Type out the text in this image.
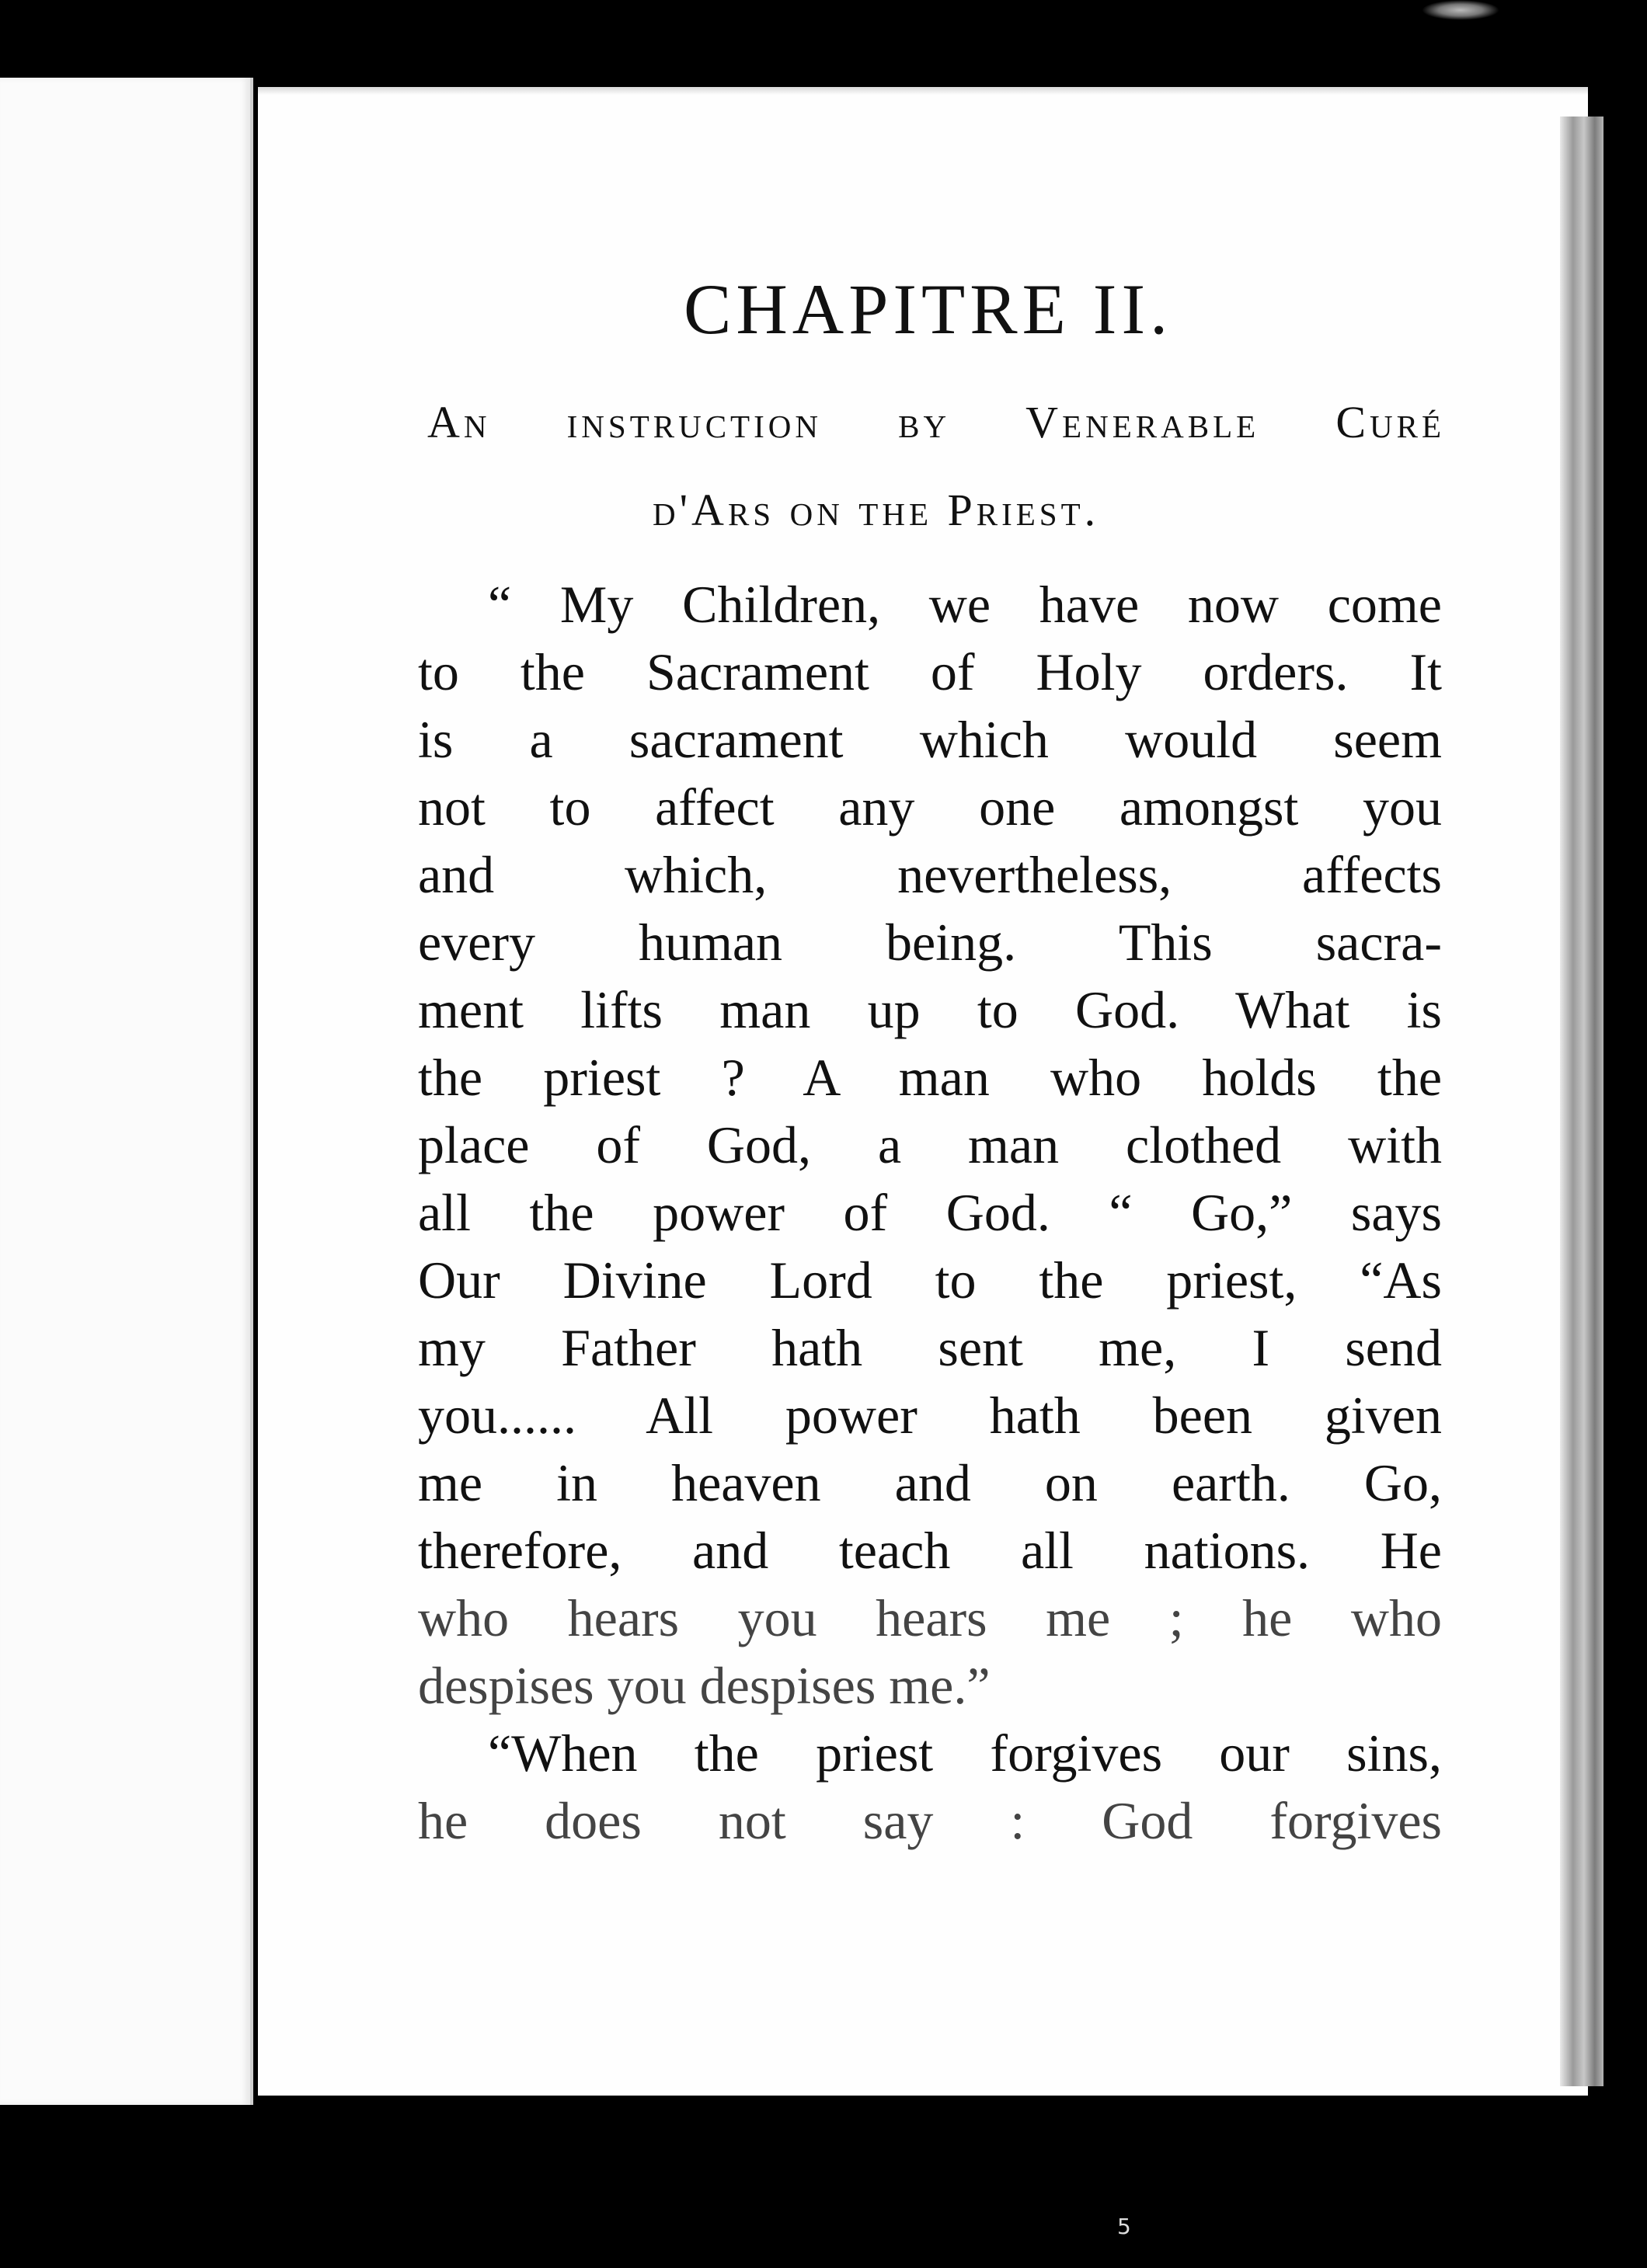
CHAPITRE II.
An instruction by Venerable Curé
d'Ars on the Priest.
“ My Children, we have now come
to the Sacrament of Holy orders. It
is a sacrament which would seem
not to affect any one amongst you
and which, nevertheless, affects
every human being. This sacra-
ment lifts man up to God. What is
the priest ? A man who holds the
place of God, a man clothed with
all the power of God. “ Go,” says
Our Divine Lord to the priest, “As
my Father hath sent me, I send
you...... All power hath been given
me in heaven and on earth. Go,
therefore, and teach all nations. He
who hears you hears me ; he who
despises you despises me.”
“When the priest forgives our sins,
he does not say : God forgives
5
